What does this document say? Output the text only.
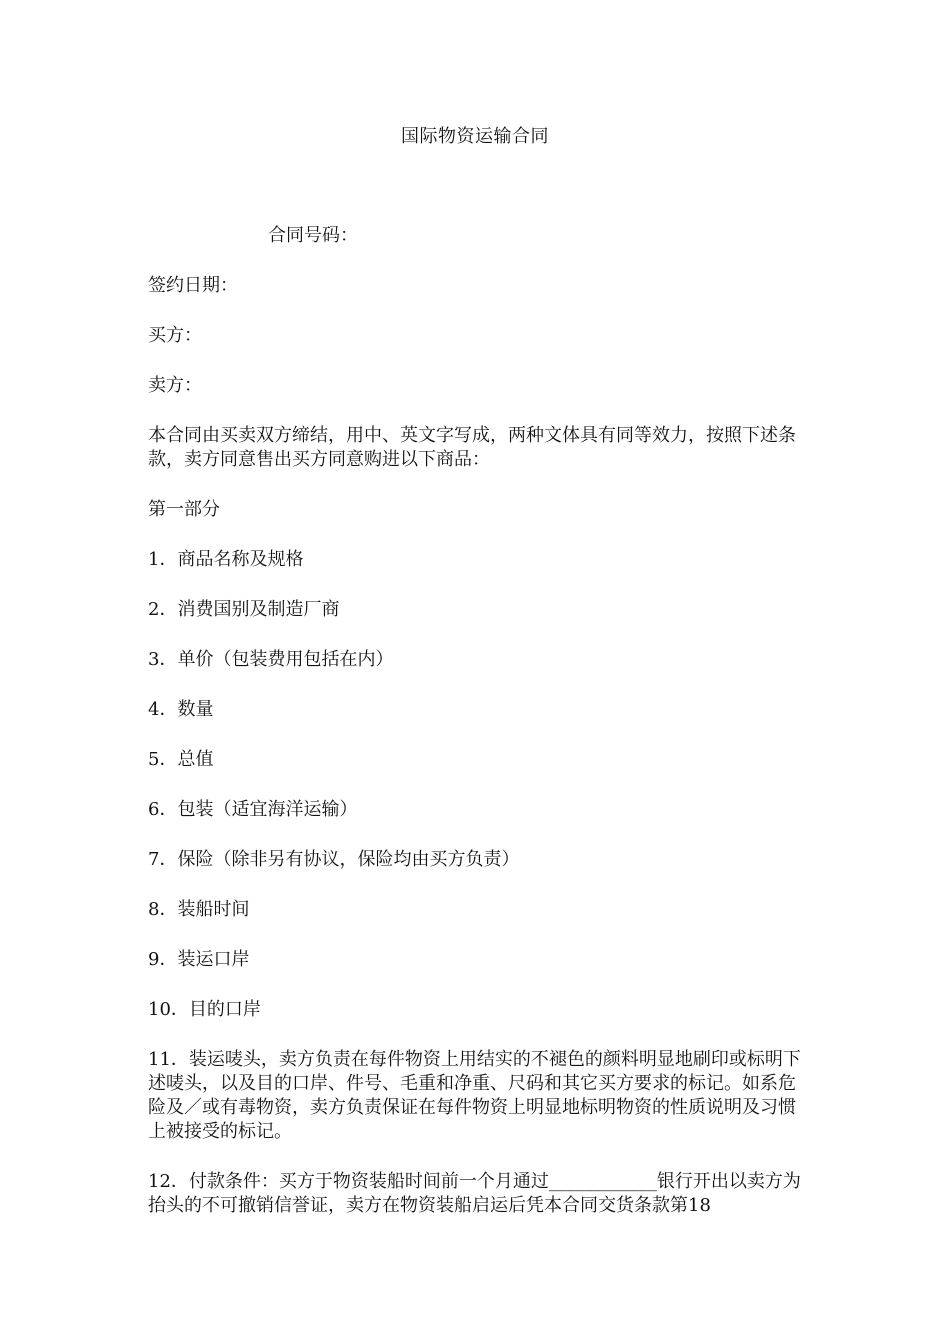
国际物资运输合同

合同号码：

签约日期：

买方：

卖方：

本合同由买卖双方缔结，用中、英文字写成，两种文体具有同等效力，按照下述条款，卖方同意售出买方同意购进以下商品：

第一部分

1．商品名称及规格

2．消费国别及制造厂商

3．单价（包装费用包括在内）

4．数量

5．总值

6．包装（适宜海洋运输）

7．保险（除非另有协议，保险均由买方负责）

8．装船时间

9．装运口岸

10．目的口岸

11．装运唛头，卖方负责在每件物资上用结实的不褪色的颜料明显地刷印或标明下述唛头，以及目的口岸、件号、毛重和净重、尺码和其它买方要求的标记。如系危险及／或有毒物资，卖方负责保证在每件物资上明显地标明物资的性质说明及习惯上被接受的标记。

12．付款条件：买方于物资装船时间前一个月通过____________银行开出以卖方为抬头的不可撤销信誉证，卖方在物资装船启运后凭本合同交货条款第18
